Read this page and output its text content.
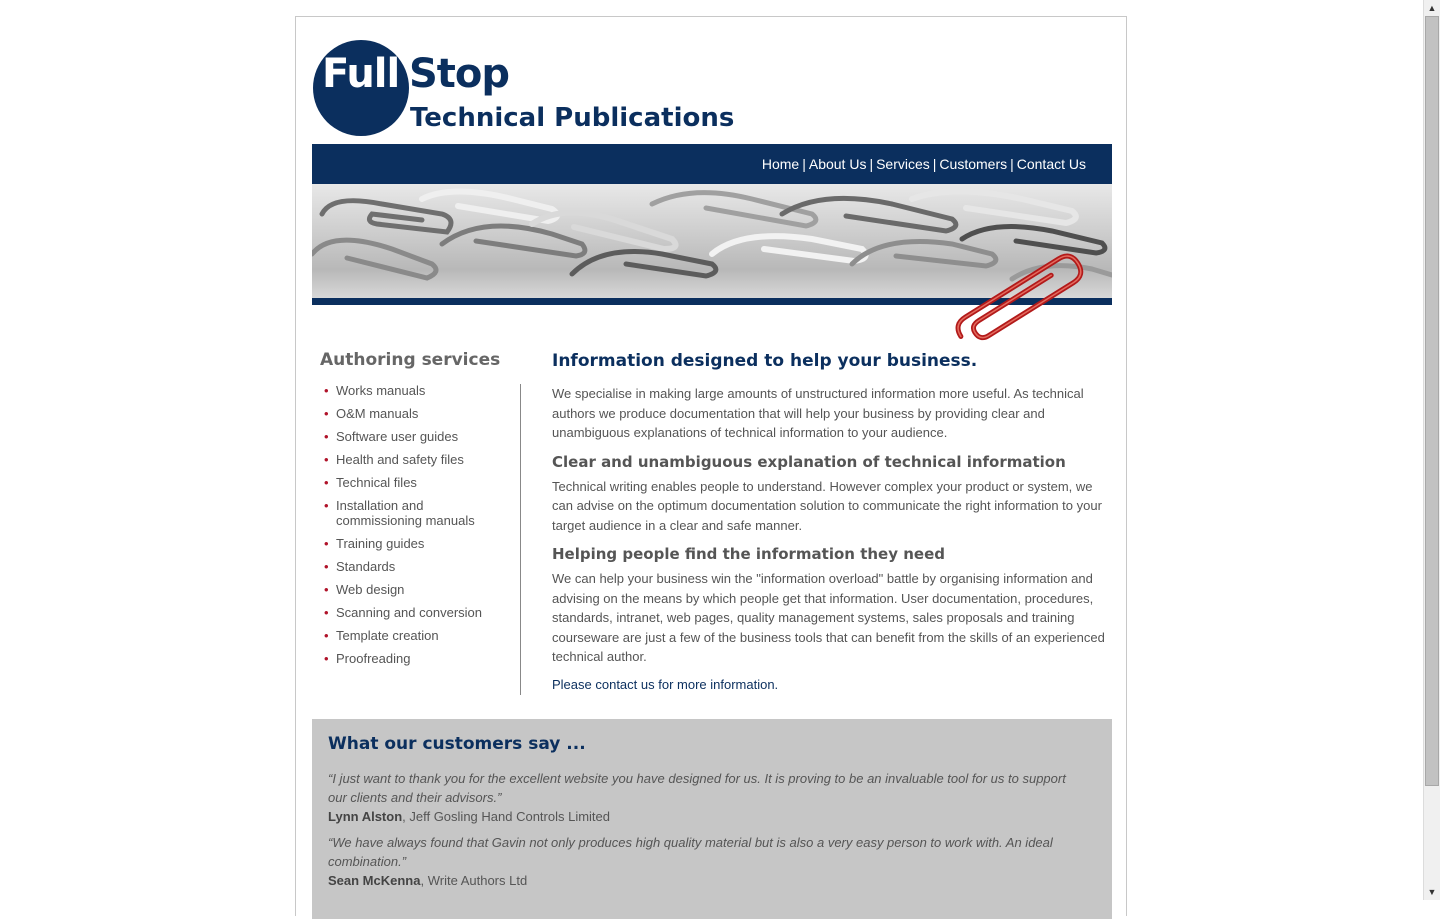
Full Stop
Technical Publications
Home | About Us | Services | Customers | Contact Us
Authoring services
• Works manuals
• O&M manuals
• Software user guides
• Health and safety files
• Technical files
• Installation and commissioning manuals
• Training guides
• Standards
• Web design
• Scanning and conversion
• Template creation
• Proofreading
Information designed to help your business.

We specialise in making large amounts of unstructured information more useful. As technical authors we produce documentation that will help your business by providing clear and unambiguous explanations of technical information to your audience.

Clear and unambiguous explanation of technical information

Technical writing enables people to understand. However complex your product or system, we can advise on the optimum documentation solution to communicate the right information to your target audience in a clear and safe manner.

Helping people find the information they need

We can help your business win the "information overload" battle by organising information and advising on the means by which people get that information. User documentation, procedures, standards, intranet, web pages, quality management systems, sales proposals and training courseware are just a few of the business tools that can benefit from the skills of an experienced technical author.

Please contact us for more information.
What our customers say ...
“I just want to thank you for the excellent website you have designed for us. It is proving to be an invaluable tool for us to support our clients and their advisors.”
Lynn Alston, Jeff Gosling Hand Controls Limited
“We have always found that Gavin not only produces high quality material but is also a very easy person to work with. An ideal combination.”
Sean McKenna, Write Authors Ltd
▲
▼
